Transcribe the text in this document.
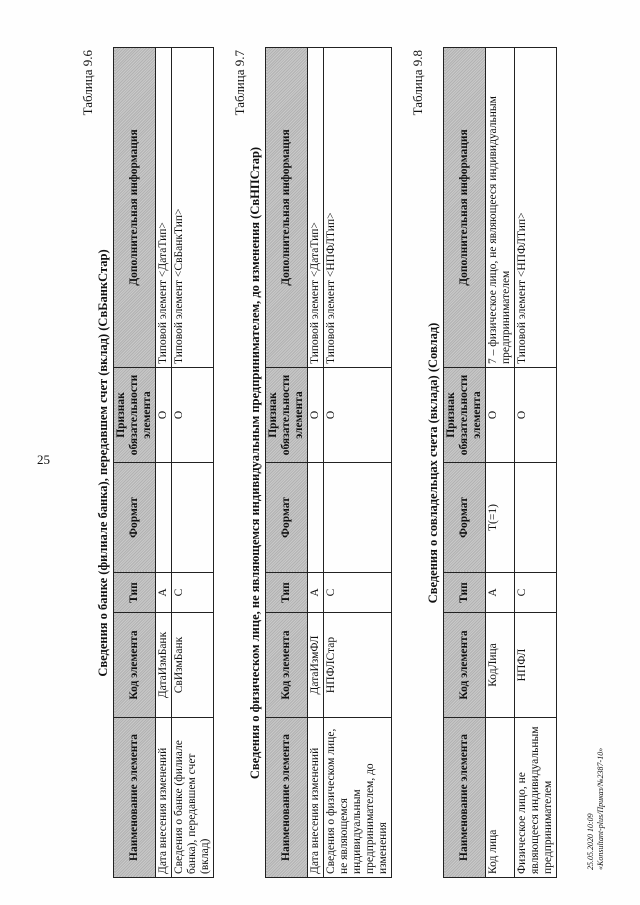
25
25.05.2020 10:09 «Konsultant-plus/Приказ/№2387-10»
Таблица 9.6
Сведения о банке (филиале банка), передавшем счет (вклад) (СвБанкСтар)
Наименование элемента	Код элемента	Тип	Формат	Признак обязательности элемента	Дополнительная информация
Дата внесения изменений	ДатаИзмБанк	А		О	Типовой элемент <ДатаТип>
Сведения о банке (филиале банка), передавшем счет (вклад)	СвИзмБанк	С		О	Типовой элемент <СвБанкТип>
Таблица 9.7
Сведения о физическом лице, не являющемся индивидуальным предпринимателем, до изменения (СвНПСтар)
Наименование элемента	Код элемента	Тип	Формат	Признак обязательности элемента	Дополнительная информация
Дата внесения изменений	ДатаИзмФЛ	А		О	Типовой элемент <ДатаТип>
Сведения о физическом лице, не являющемся индивидуальным предпринимателем, до изменения	НПФЛСтар	С		О	Типовой элемент <НПФЛТип>
Таблица 9.8
Сведения о совладельцах счета (вклада) (Совлад)
Наименование элемента	Код элемента	Тип	Формат	Признак обязательности элемента	Дополнительная информация
Код лица	КодЛица	А	Т(=1)	О	7 – физическое лицо, не являющееся индивидуальным предпринимателем
Физическое лицо, не являющееся индивидуальным предпринимателем	НПФЛ	С		О	Типовой элемент <НПФЛТип>
